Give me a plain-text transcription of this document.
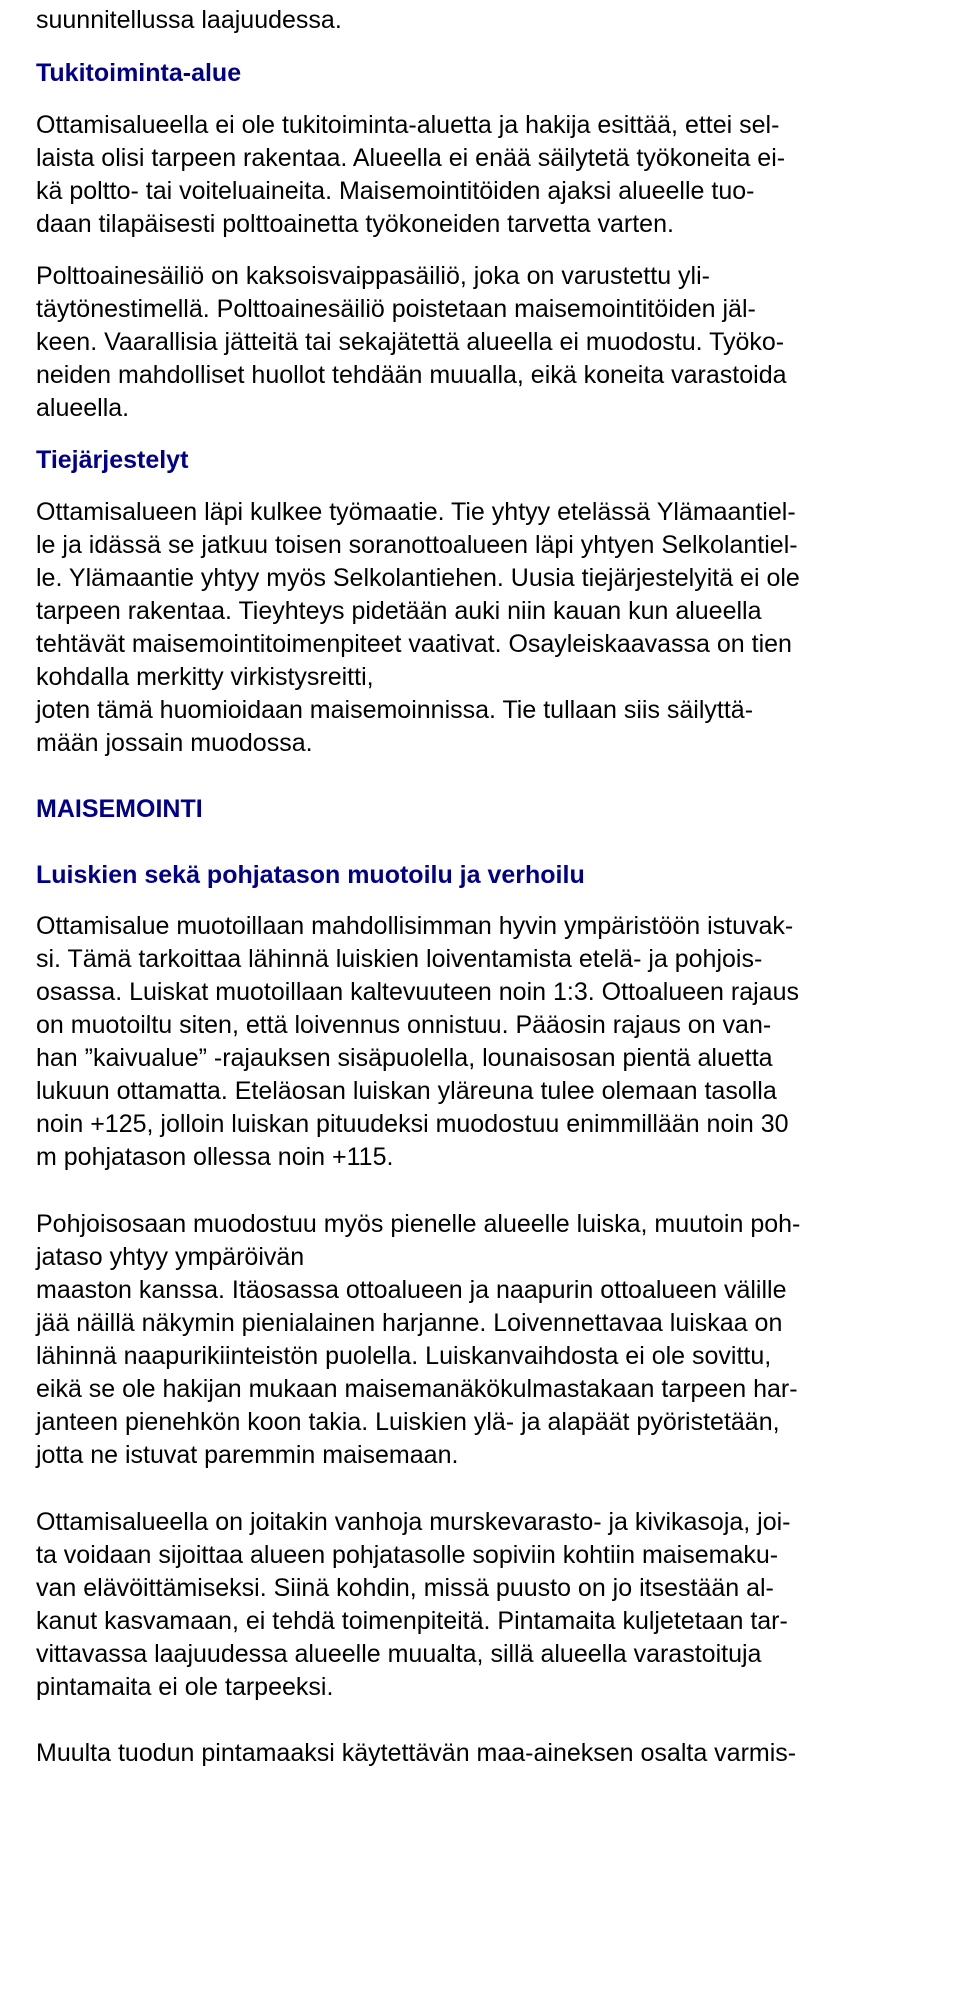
suunnitellussa laajuudessa.

Tukitoiminta-alue

Ottamisalueella ei ole tukitoiminta-aluetta ja hakija esittää, ettei sel-

laista olisi tarpeen rakentaa. Alueella ei enää säilytetä työkoneita ei-

kä poltto- tai voiteluaineita. Maisemointitöiden ajaksi alueelle tuo-

daan tilapäisesti polttoainetta työkoneiden tarvetta varten.

Polttoainesäiliö on kaksoisvaippasäiliö, joka on varustettu yli-

täytönestimellä. Polttoainesäiliö poistetaan maisemointitöiden jäl-

keen. Vaarallisia jätteitä tai sekajätettä alueella ei muodostu. Työko-

neiden mahdolliset huollot tehdään muualla, eikä koneita varastoida

alueella.

Tiejärjestelyt

Ottamisalueen läpi kulkee työmaatie. Tie yhtyy etelässä Ylämaantiel-

le ja idässä se jatkuu toisen soranottoalueen läpi yhtyen Selkolantiel-

le. Ylämaantie yhtyy myös Selkolantiehen. Uusia tiejärjestelyitä ei ole

tarpeen rakentaa. Tieyhteys pidetään auki niin kauan kun alueella

tehtävät maisemointitoimenpiteet vaativat. Osayleiskaavassa on tien

kohdalla merkitty virkistysreitti,

joten tämä huomioidaan maisemoinnissa. Tie tullaan siis säilyttä-

mään jossain muodossa.

MAISEMOINTI

Luiskien sekä pohjatason muotoilu ja verhoilu

Ottamisalue muotoillaan mahdollisimman hyvin ympäristöön istuvak-

si. Tämä tarkoittaa lähinnä luiskien loiventamista etelä- ja pohjois-

osassa. Luiskat muotoillaan kaltevuuteen noin 1:3. Ottoalueen rajaus

on muotoiltu siten, että loivennus onnistuu. Pääosin rajaus on van-

han ”kaivualue” -rajauksen sisäpuolella, lounaisosan pientä aluetta

lukuun ottamatta. Eteläosan luiskan yläreuna tulee olemaan tasolla

noin +125, jolloin luiskan pituudeksi muodostuu enimmillään noin 30

m pohjatason ollessa noin +115.

Pohjoisosaan muodostuu myös pienelle alueelle luiska, muutoin poh-

jataso yhtyy ympäröivän

maaston kanssa. Itäosassa ottoalueen ja naapurin ottoalueen välille

jää näillä näkymin pienialainen harjanne. Loivennettavaa luiskaa on

lähinnä naapurikiinteistön puolella. Luiskanvaihdosta ei ole sovittu,

eikä se ole hakijan mukaan maisemanäkökulmastakaan tarpeen har-

janteen pienehkön koon takia. Luiskien ylä- ja alapäät pyöristetään,

jotta ne istuvat paremmin maisemaan.

Ottamisalueella on joitakin vanhoja murskevarasto- ja kivikasoja, joi-

ta voidaan sijoittaa alueen pohjatasolle sopiviin kohtiin maisemaku-

van elävöittämiseksi. Siinä kohdin, missä puusto on jo itsestään al-

kanut kasvamaan, ei tehdä toimenpiteitä. Pintamaita kuljetetaan tar-

vittavassa laajuudessa alueelle muualta, sillä alueella varastoituja

pintamaita ei ole tarpeeksi.

Muulta tuodun pintamaaksi käytettävän maa-aineksen osalta varmis-
